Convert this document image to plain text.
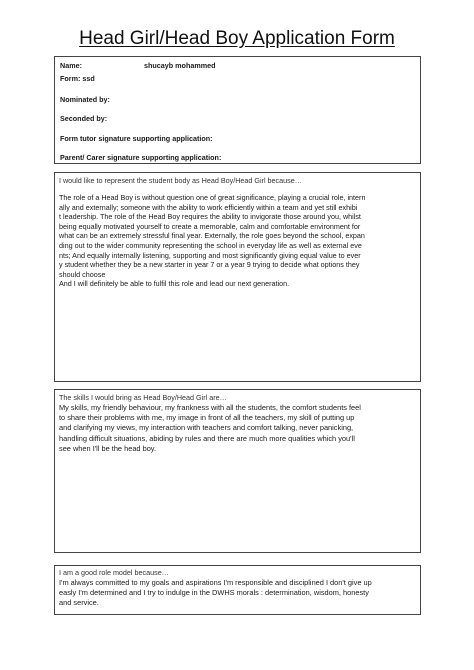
Head Girl/Head Boy Application Form
Name:	shucayb mohammed
Form: ssd
Nominated by:
Seconded by:
Form tutor signature supporting application:
Parent/ Carer signature supporting application:
I would like to represent the student body as Head Boy/Head Girl because…
The role of a Head Boy is without question one of great significance, playing a crucial role, intern
ally and externally; someone with the ability to work efficiently within a team and yet still exhibi
t leadership. The role of the Head Boy requires the ability to invigorate those around you, whilst
being equally motivated yourself to create a memorable, calm and comfortable environment for
what can be an extremely stressful final year. Externally, the role goes beyond the school, expan
ding out to the wider community representing the school in everyday life as well as external eve
nts; And equally internally listening, supporting and most significantly giving equal value to ever
y student whether they be a new starter in year 7 or a year 9 trying to decide what options they
should choose
And I will definitely be able to fulfil this role and lead our next generation.
The skills I would bring as Head Boy/Head Girl are…
My skills, my friendly behaviour, my frankness with all the students, the comfort students feel
to share their problems with me, my image in front of all the teachers, my skill of putting up
and clarifying my views, my interaction with teachers and comfort talking, never panicking,
handling difficult situations, abiding by rules and there are much more qualities which you'll
see when I'll be the head boy.
I am a good role model because…
I'm always committed to my goals and aspirations I'm responsible and disciplined I don't give up
easly I'm determined and I try to indulge in the DWHS morals : determination, wisdom, honesty
and service.
